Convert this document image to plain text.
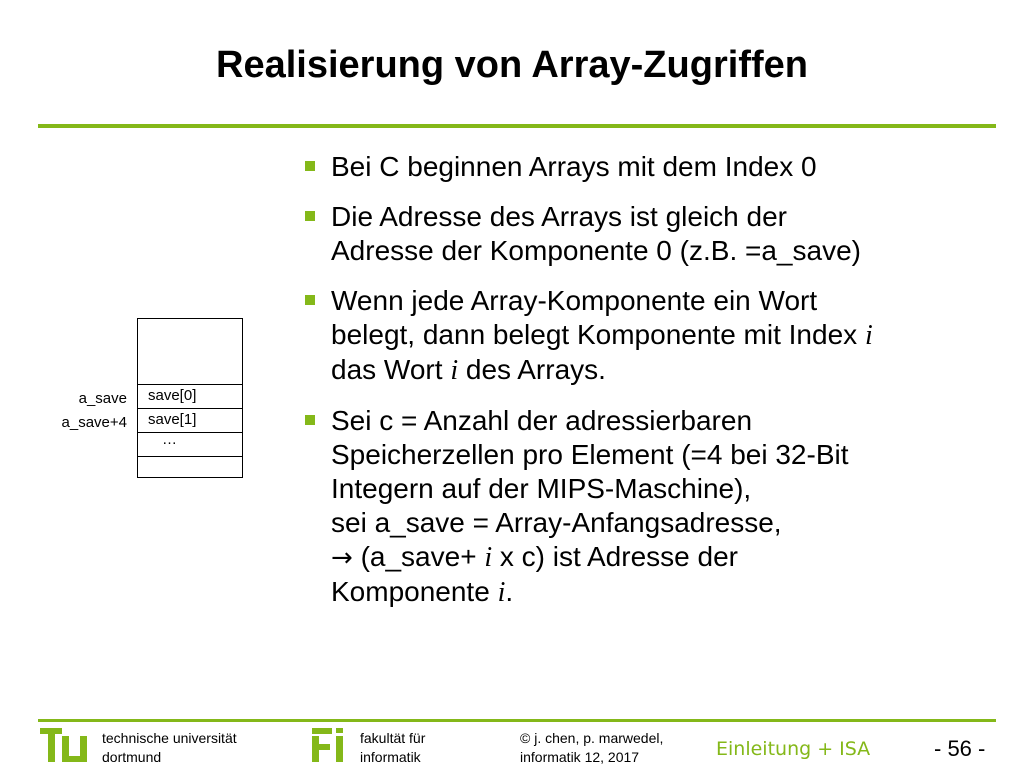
Realisierung von Array-Zugriffen
a_save
a_save+4
save[0]
save[1]
…
Bei C beginnen Arrays mit dem Index 0
Die Adresse des Arrays ist gleich der
Adresse der Komponente 0 (z.B. =a_save)
Wenn jede Array-Komponente ein Wort
belegt, dann belegt Komponente mit Index i
das Wort i des Arrays.
Sei c = Anzahl der adressierbaren
Speicherzellen pro Element (=4 bei 32-Bit
Integern auf der MIPS-Maschine),
sei a_save = Array-Anfangsadresse,
→ (a_save+ i x c) ist Adresse der
Komponente i.
technische universität
dortmund
fakultät für
informatik
© j. chen, p. marwedel,
informatik 12, 2017	Einleitung + ISA	- 56 -
